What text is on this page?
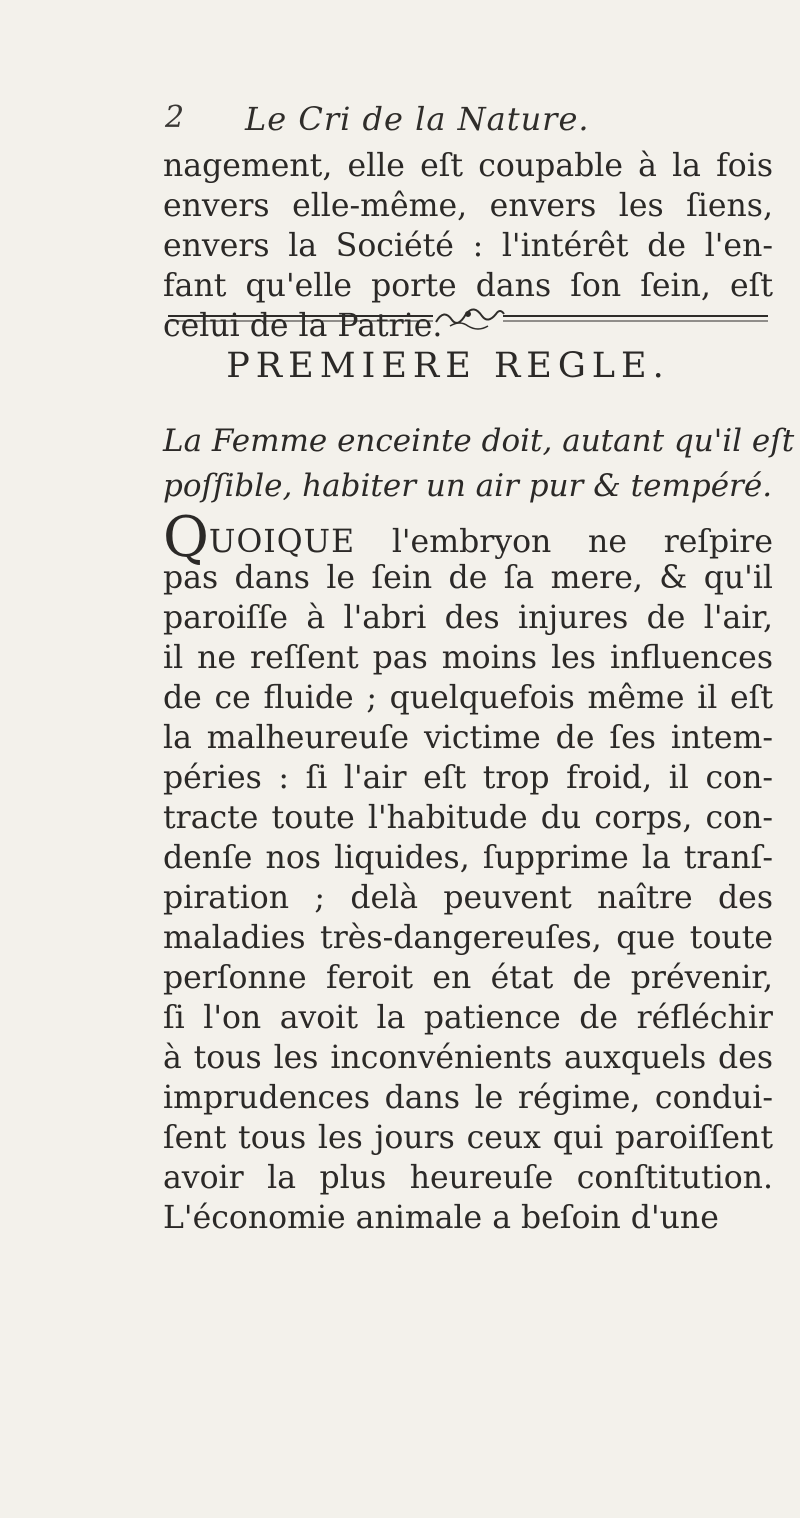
2 Le Cri de la Nature.
nagement, elle eſt coupable à la fois
envers elle-même, envers les ſiens,
envers la Société : l'intérêt de l'en-
fant qu'elle porte dans ſon ſein, eſt
celui de la Patrie.
PREMIERE REGLE.
La Femme enceinte doit, autant qu'il eſt
poſſible, habiter un air pur & tempéré.
QUOIQUE l'embryon ne reſpire
pas dans le ſein de ſa mere, & qu'il
paroiſſe à l'abri des injures de l'air,
il ne reſſent pas moins les influences
de ce fluide ; quelquefois même il eſt
la malheureuſe victime de ſes intem-
péries : ſi l'air eſt trop froid, il con-
tracte toute l'habitude du corps, con-
denſe nos liquides, ſupprime la tranſ-
piration ; delà peuvent naître des
maladies très-dangereuſes, que toute
perſonne feroit en état de prévenir,
ſi l'on avoit la patience de réfléchir
à tous les inconvénients auxquels des
imprudences dans le régime, condui-
ſent tous les jours ceux qui paroiſſent
avoir la plus heureuſe conſtitution.
L'économie animale a beſoin d'une
